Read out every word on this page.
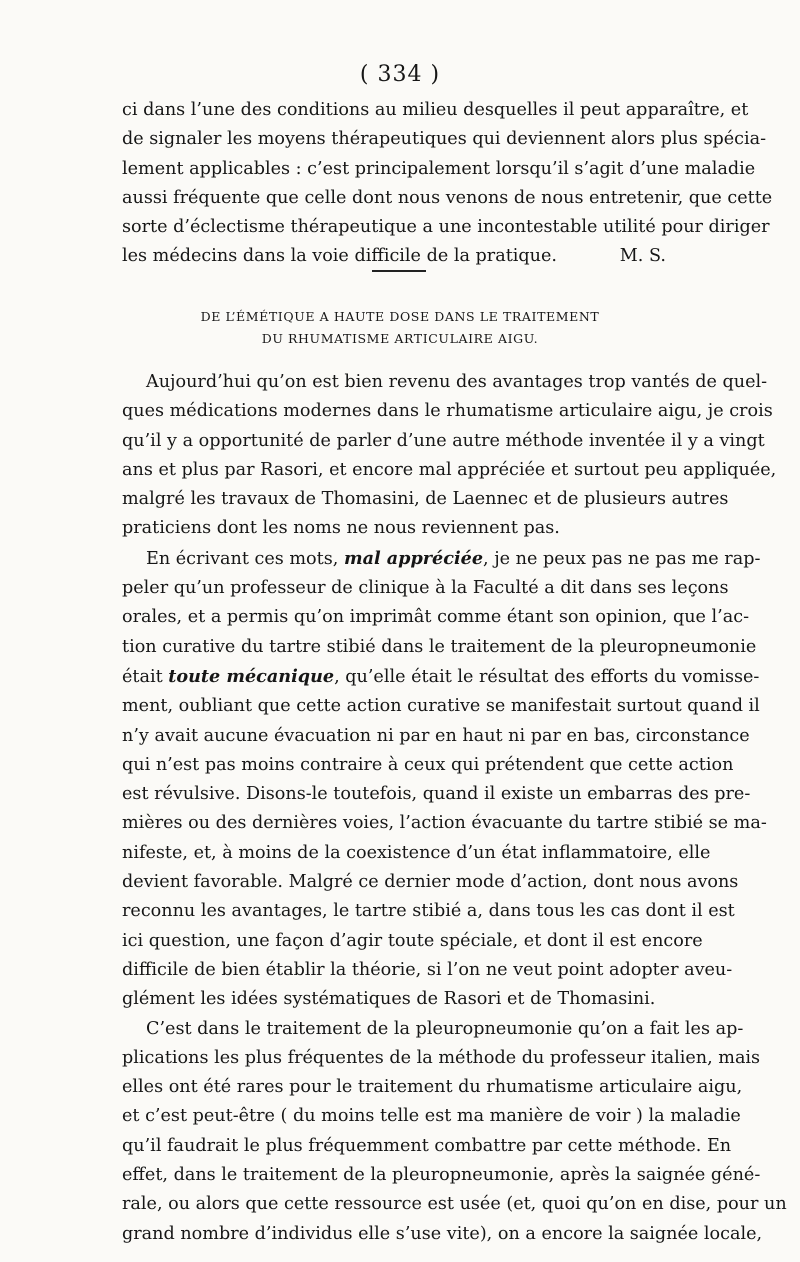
( 334 )
ci dans l’une des conditions au milieu desquelles il peut apparaître, et
de signaler les moyens thérapeutiques qui deviennent alors plus spécia-
lement applicables : c’est principalement lorsqu’il s’agit d’une maladie
aussi fréquente que celle dont nous venons de nous entretenir, que cette
sorte d’éclectisme thérapeutique a une incontestable utilité pour diriger
les médecins dans la voie difficile de la pratique.	M. S.
DE L’ÉMÉTIQUE A HAUTE DOSE DANS LE TRAITEMENT
DU RHUMATISME ARTICULAIRE AIGU.
Aujourd’hui qu’on est bien revenu des avantages trop vantés de quel-
ques médications modernes dans le rhumatisme articulaire aigu, je crois
qu’il y a opportunité de parler d’une autre méthode inventée il y a vingt
ans et plus par Rasori, et encore mal appréciée et surtout peu appliquée,
malgré les travaux de Thomasini, de Laennec et de plusieurs autres
praticiens dont les noms ne nous reviennent pas.
En écrivant ces mots, mal appréciée, je ne peux pas ne pas me rap-
peler qu’un professeur de clinique à la Faculté a dit dans ses leçons
orales, et a permis qu’on imprimât comme étant son opinion, que l’ac-
tion curative du tartre stibié dans le traitement de la pleuropneumonie
était toute mécanique, qu’elle était le résultat des efforts du vomisse-
ment, oubliant que cette action curative se manifestait surtout quand il
n’y avait aucune évacuation ni par en haut ni par en bas, circonstance
qui n’est pas moins contraire à ceux qui prétendent que cette action
est révulsive. Disons-le toutefois, quand il existe un embarras des pre-
mières ou des dernières voies, l’action évacuante du tartre stibié se ma-
nifeste, et, à moins de la coexistence d’un état inflammatoire, elle
devient favorable. Malgré ce dernier mode d’action, dont nous avons
reconnu les avantages, le tartre stibié a, dans tous les cas dont il est
ici question, une façon d’agir toute spéciale, et dont il est encore
difficile de bien établir la théorie, si l’on ne veut point adopter aveu-
glément les idées systématiques de Rasori et de Thomasini.
C’est dans le traitement de la pleuropneumonie qu’on a fait les ap-
plications les plus fréquentes de la méthode du professeur italien, mais
elles ont été rares pour le traitement du rhumatisme articulaire aigu,
et c’est peut-être ( du moins telle est ma manière de voir ) la maladie
qu’il faudrait le plus fréquemment combattre par cette méthode. En
effet, dans le traitement de la pleuropneumonie, après la saignée géné-
rale, ou alors que cette ressource est usée (et, quoi qu’on en dise, pour un
grand nombre d’individus elle s’use vite), on a encore la saignée locale,
